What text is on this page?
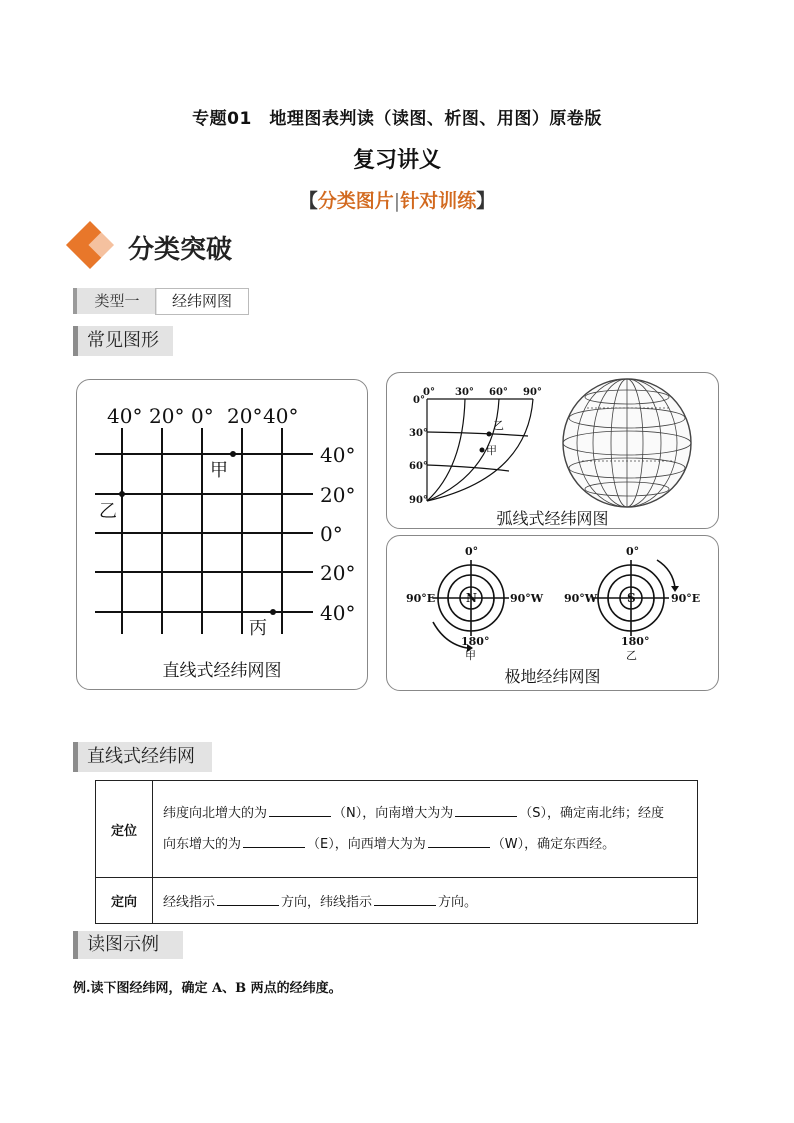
专题01　地理图表判读（读图、析图、用图）原卷版
复习讲义
【分类图片|针对训练】
分类突破
类型一	经纬网图
常见图形
40° 20° 0° 20° 40°
40°
20°
0°
20°
40°
甲
乙
丙
直线式经纬网图
0° 30° 60° 90°
0°
30°
60°
90°
乙
甲
弧线式经纬网图
0°
90°E	90°W
180°
N
甲
0°
90°W	90°E
180°
S
乙
极地经纬网图
直线式经纬网
定位	纬度向北增大的为 （N），向南增大为为 （S），确定南北纬；经度
向东增大的为 （E），向西增大为为 （W），确定东西经。
定向	经线指示 方向，纬线指示 方向。
读图示例
例.读下图经纬网，确定 A、B 两点的经纬度。
